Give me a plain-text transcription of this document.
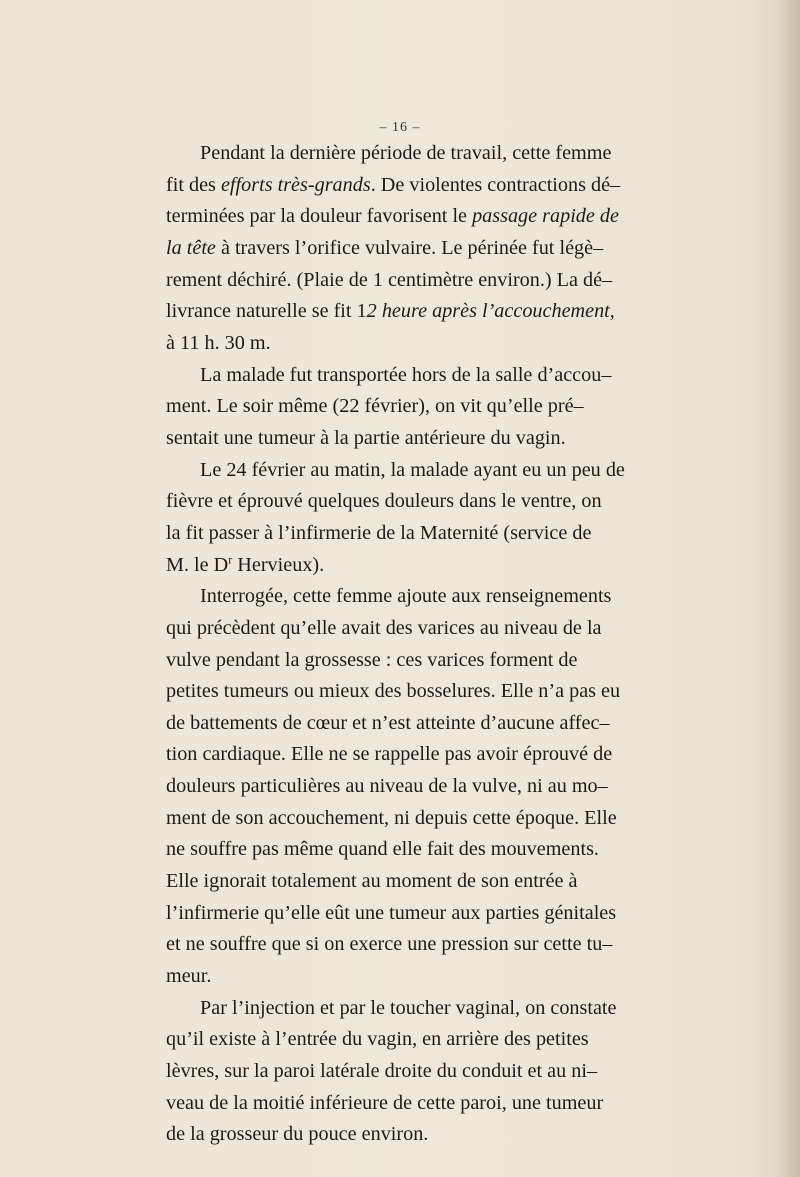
– 16 –
Pendant la dernière période de travail, cette femme
fit des efforts très-grands. De violentes contractions dé–
terminées par la douleur favorisent le passage rapide de
la tête à travers l’orifice vulvaire. Le périnée fut légè–
rement déchiré. (Plaie de 1 centimètre environ.) La dé–
livrance naturelle se fit 12 heure après l’accouchement,
à 11 h. 30 m.
La malade fut transportée hors de la salle d’accou–
ment. Le soir même (22 février), on vit qu’elle pré–
sentait une tumeur à la partie antérieure du vagin.
Le 24 février au matin, la malade ayant eu un peu de
fièvre et éprouvé quelques douleurs dans le ventre, on
la fit passer à l’infirmerie de la Maternité (service de
M. le $D^r$ Hervieux).
Interrogée, cette femme ajoute aux renseignements
qui précèdent qu’elle avait des varices au niveau de la
vulve pendant la grossesse : ces varices forment de
petites tumeurs ou mieux des bosselures. Elle n’a pas eu
de battements de cœur et n’est atteinte d’aucune affec–
tion cardiaque. Elle ne se rappelle pas avoir éprouvé de
douleurs particulières au niveau de la vulve, ni au mo–
ment de son accouchement, ni depuis cette époque. Elle
ne souffre pas même quand elle fait des mouvements.
Elle ignorait totalement au moment de son entrée à
l’infirmerie qu’elle eût une tumeur aux parties génitales
et ne souffre que si on exerce une pression sur cette tu–
meur.
Par l’injection et par le toucher vaginal, on constate
qu’il existe à l’entrée du vagin, en arrière des petites
lèvres, sur la paroi latérale droite du conduit et au ni–
veau de la moitié inférieure de cette paroi, une tumeur
de la grosseur du pouce environ.
